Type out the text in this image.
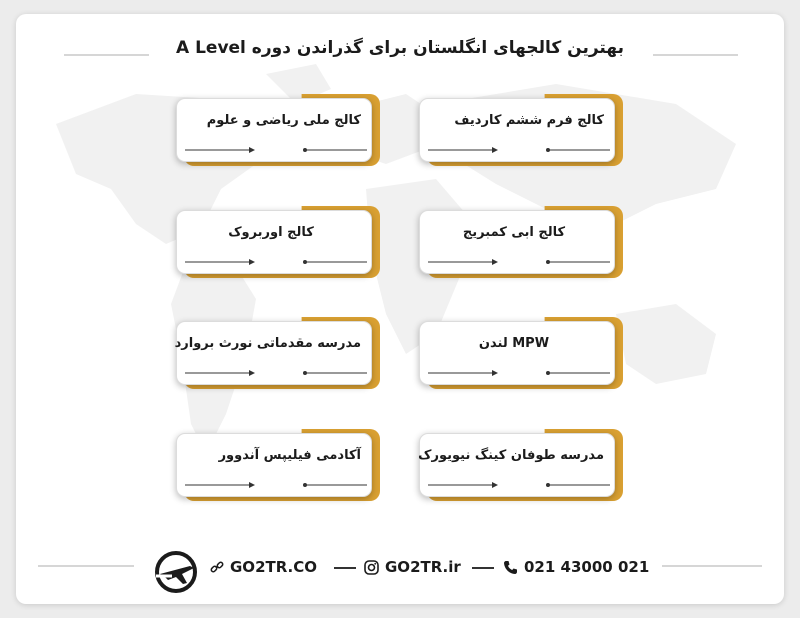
بهترین کالجهای انگلستان برای گذراندن دوره A Level
کالج فرم ششم کاردیف
کالج ملی ریاضی و علوم
کالج ابی کمبریج
کالج اوربروک
MPW لندن
مدرسه مقدماتی نورث بروارد
مدرسه طوفان کینگ نیویورک
آکادمی فیلیپس آندوور
GO2TR.CO	GO2TR.ir	021 43000 021
